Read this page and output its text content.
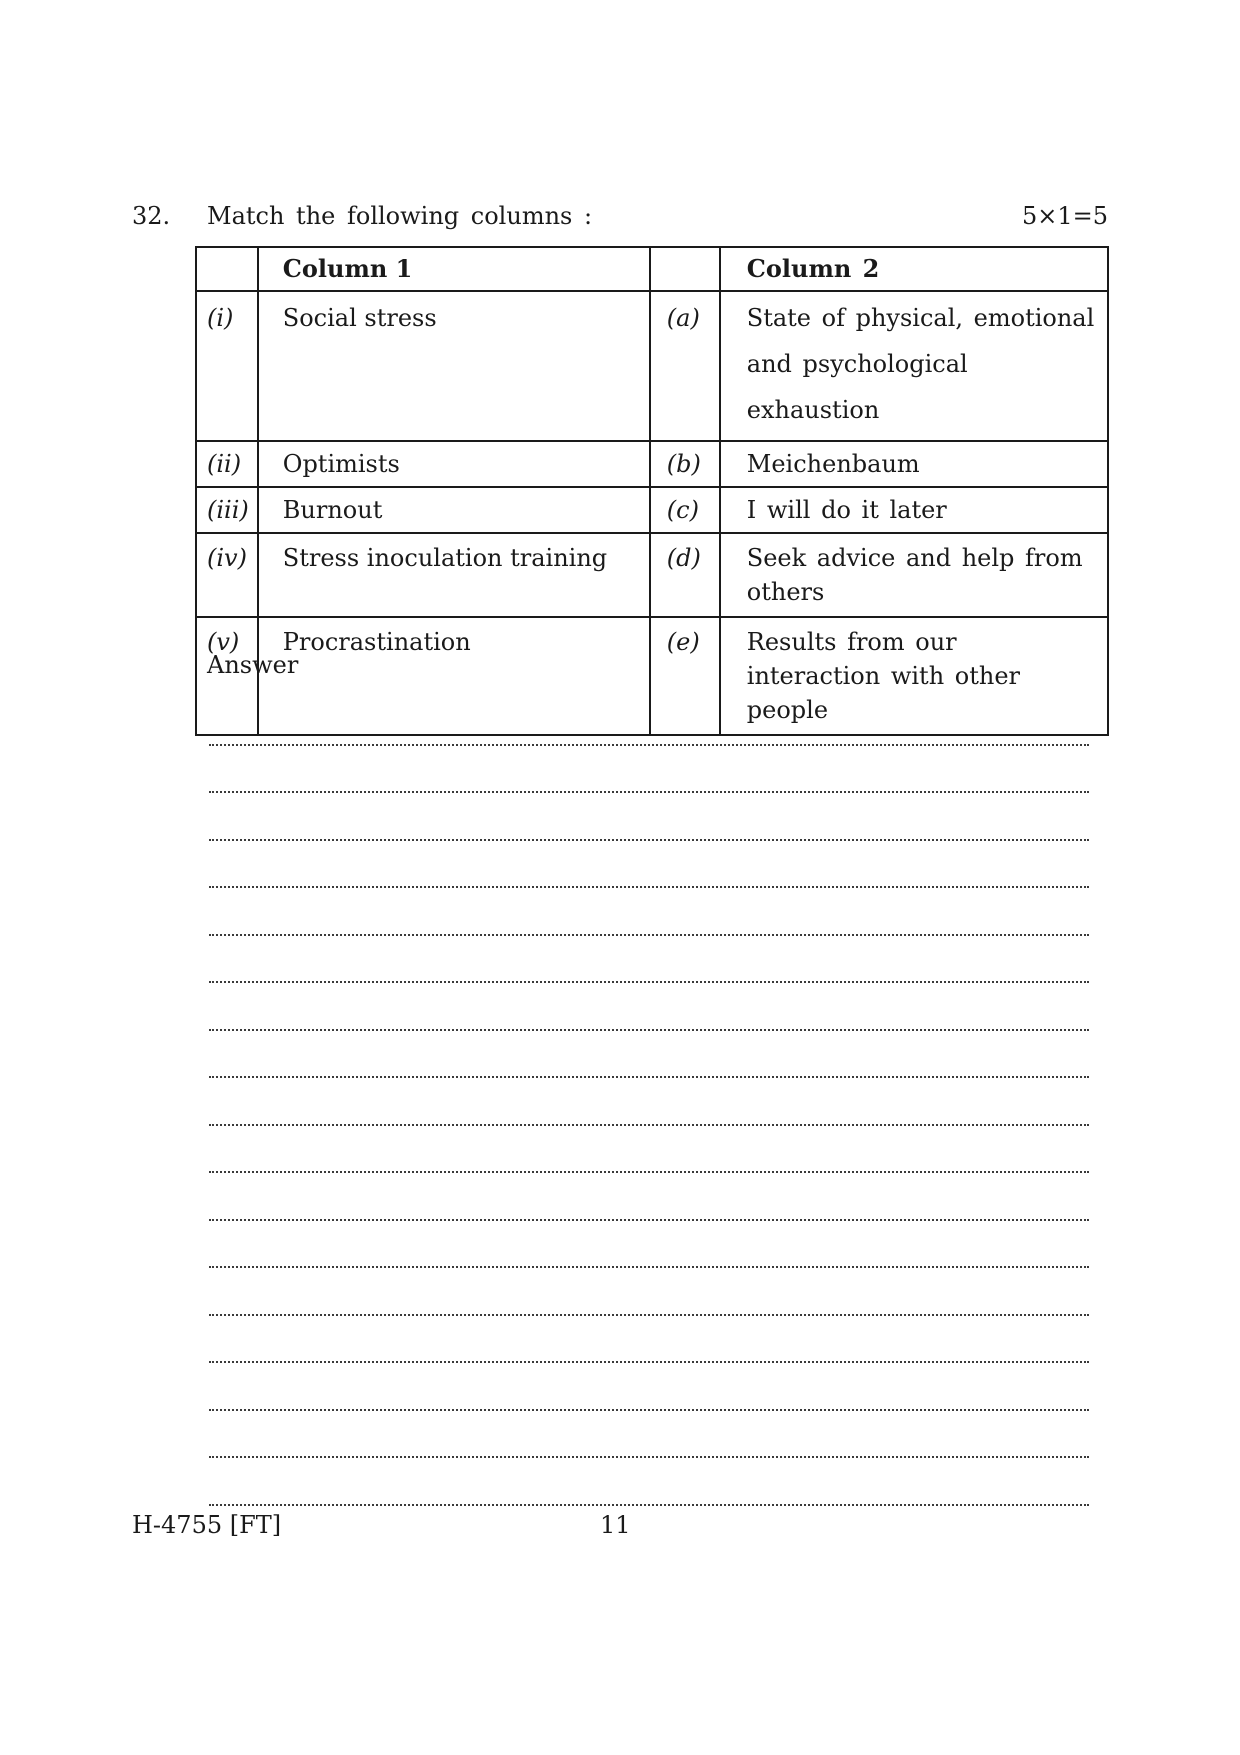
32. Match the following columns :	5×1=5
	Column 1		Column 2
(i)	Social stress	(a)	State of physical, emotional and psychological exhaustion
(ii)	Optimists	(b)	Meichenbaum
(iii)	Burnout	(c)	I will do it later
(iv)	Stress inoculation training	(d)	Seek advice and help from others
(v)	Procrastination	(e)	Results from our interaction with other people
Answer
H-4755 [FT]	11
